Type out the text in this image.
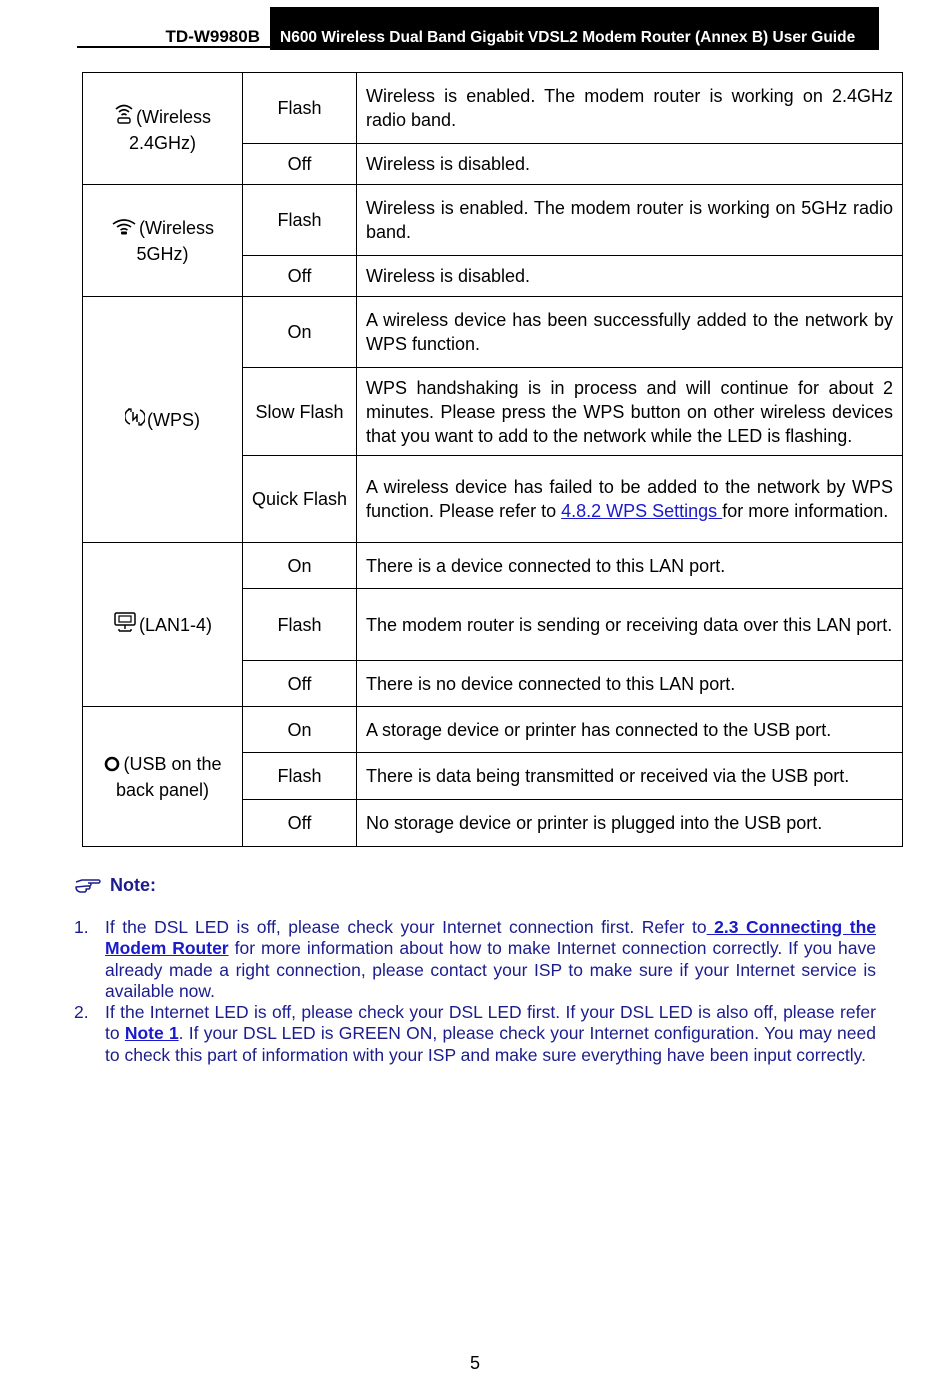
TD-W9980B	N600 Wireless Dual Band Gigabit VDSL2 Modem Router (Annex B) User Guide
(Wireless 2.4GHz)	Flash	Wireless is enabled. The modem router is working on 2.4GHz radio band.
	Off	Wireless is disabled.
(Wireless 5GHz)	Flash	Wireless is enabled. The modem router is working on 5GHz radio band.
	Off	Wireless is disabled.
(WPS)	On	A wireless device has been successfully added to the network by WPS function.
	Slow Flash	WPS handshaking is in process and will continue for about 2 minutes. Please press the WPS button on other wireless devices that you want to add to the network while the LED is flashing.
	Quick Flash	A wireless device has failed to be added to the network by WPS function. Please refer to 4.8.2 WPS Settings for more information.
(LAN1-4)	On	There is a device connected to this LAN port.
	Flash	The modem router is sending or receiving data over this LAN port.
	Off	There is no device connected to this LAN port.
(USB on the back panel)	On	A storage device or printer has connected to the USB port.
	Flash	There is data being transmitted or received via the USB port.
	Off	No storage device or printer is plugged into the USB port.
Note:
1. If the DSL LED is off, please check your Internet connection first. Refer to 2.3 Connecting the Modem Router for more information about how to make Internet connection correctly. If you have already made a right connection, please contact your ISP to make sure if your Internet service is available now.
2. If the Internet LED is off, please check your DSL LED first. If your DSL LED is also off, please refer to Note 1. If your DSL LED is GREEN ON, please check your Internet configuration. You may need to check this part of information with your ISP and make sure everything have been input correctly.
5
